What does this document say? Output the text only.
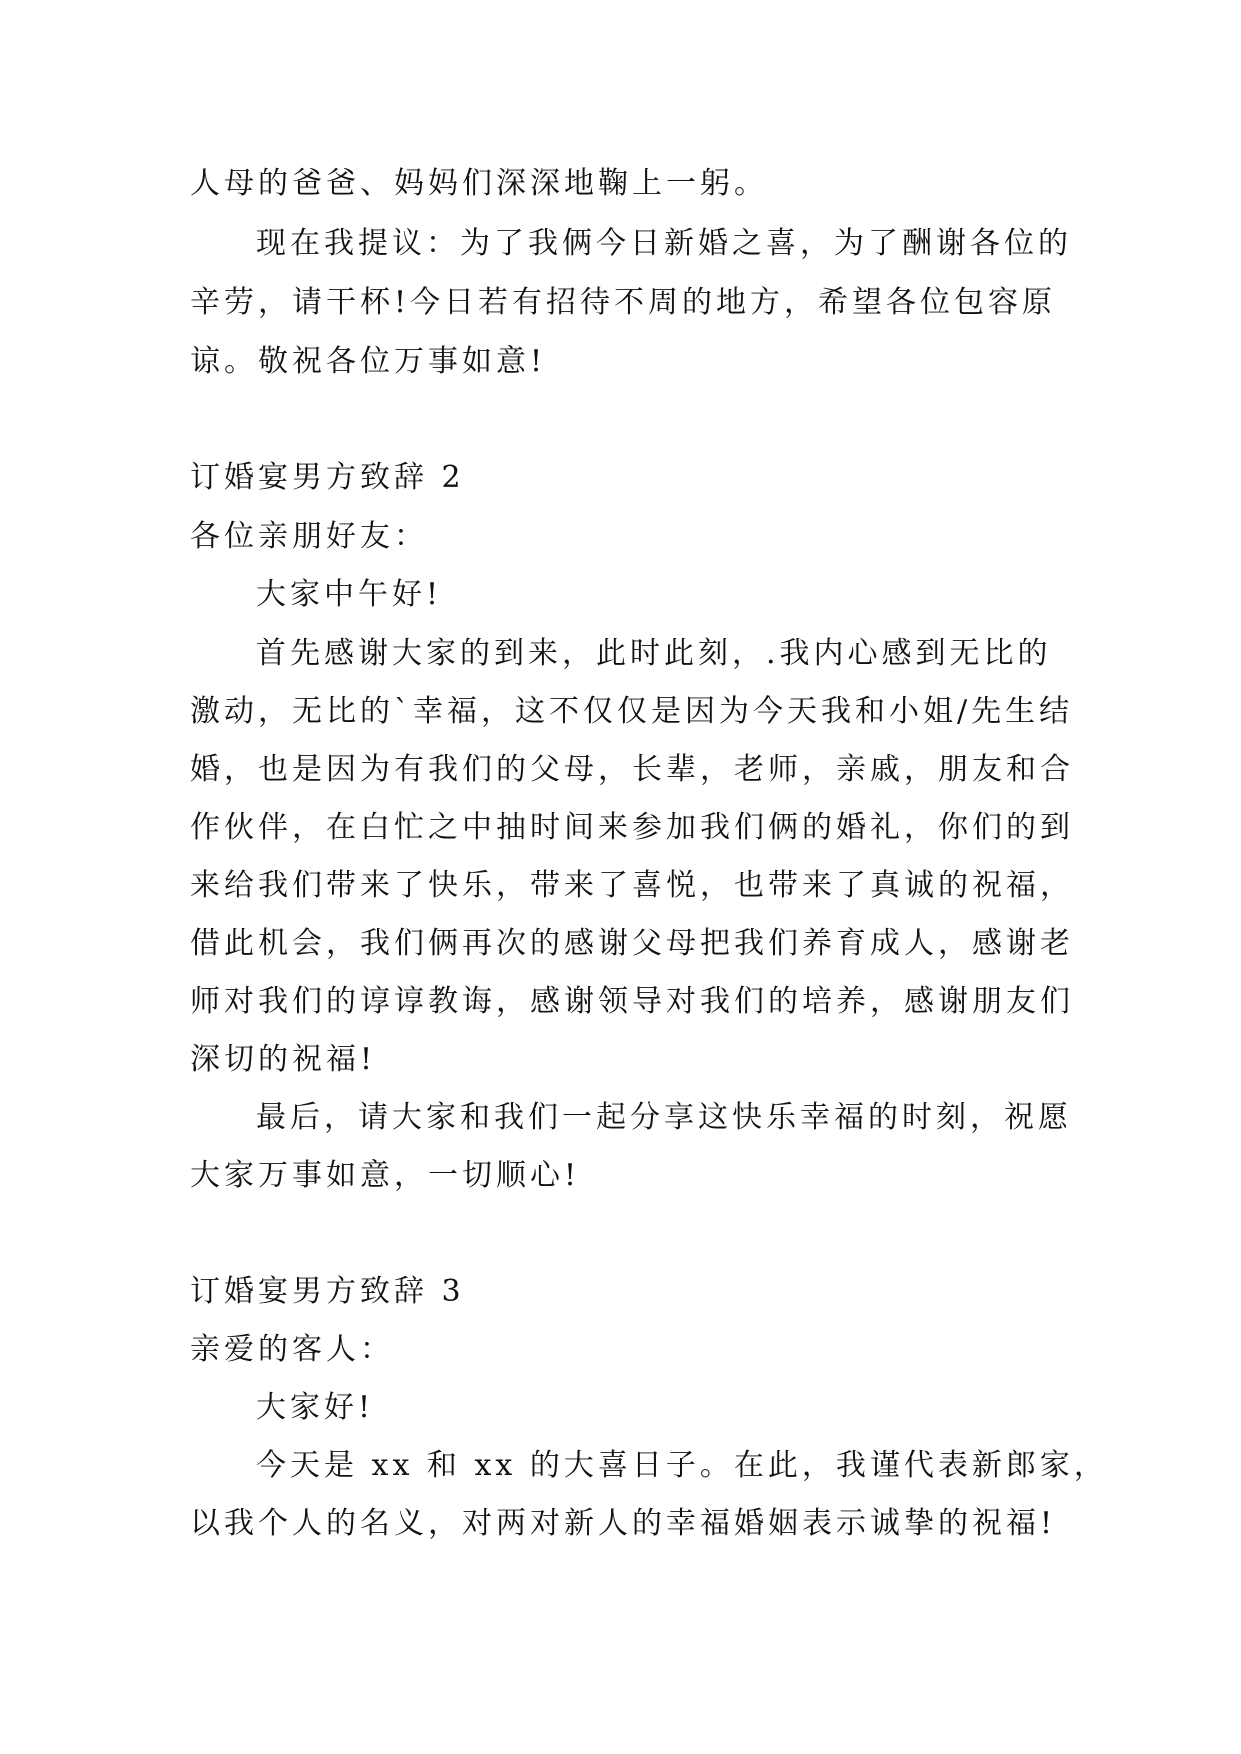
人母的爸爸、妈妈们深深地鞠上一躬。
现在我提议：为了我俩今日新婚之喜，为了酬谢各位的
辛劳，请干杯!今日若有招待不周的地方，希望各位包容原
谅。敬祝各位万事如意!
订婚宴男方致辞 2
各位亲朋好友：
大家中午好!
首先感谢大家的到来，此时此刻，.我内心感到无比的
激动，无比的`幸福，这不仅仅是因为今天我和小姐/先生结
婚，也是因为有我们的父母，长辈，老师，亲戚，朋友和合
作伙伴，在白忙之中抽时间来参加我们俩的婚礼，你们的到
来给我们带来了快乐，带来了喜悦，也带来了真诚的祝福，
借此机会，我们俩再次的感谢父母把我们养育成人，感谢老
师对我们的谆谆教诲，感谢领导对我们的培养，感谢朋友们
深切的祝福!
最后，请大家和我们一起分享这快乐幸福的时刻，祝愿
大家万事如意，一切顺心!
订婚宴男方致辞 3
亲爱的客人：
大家好!
今天是 xx 和 xx 的大喜日子。在此，我谨代表新郎家，
以我个人的名义，对两对新人的幸福婚姻表示诚挚的祝福!
